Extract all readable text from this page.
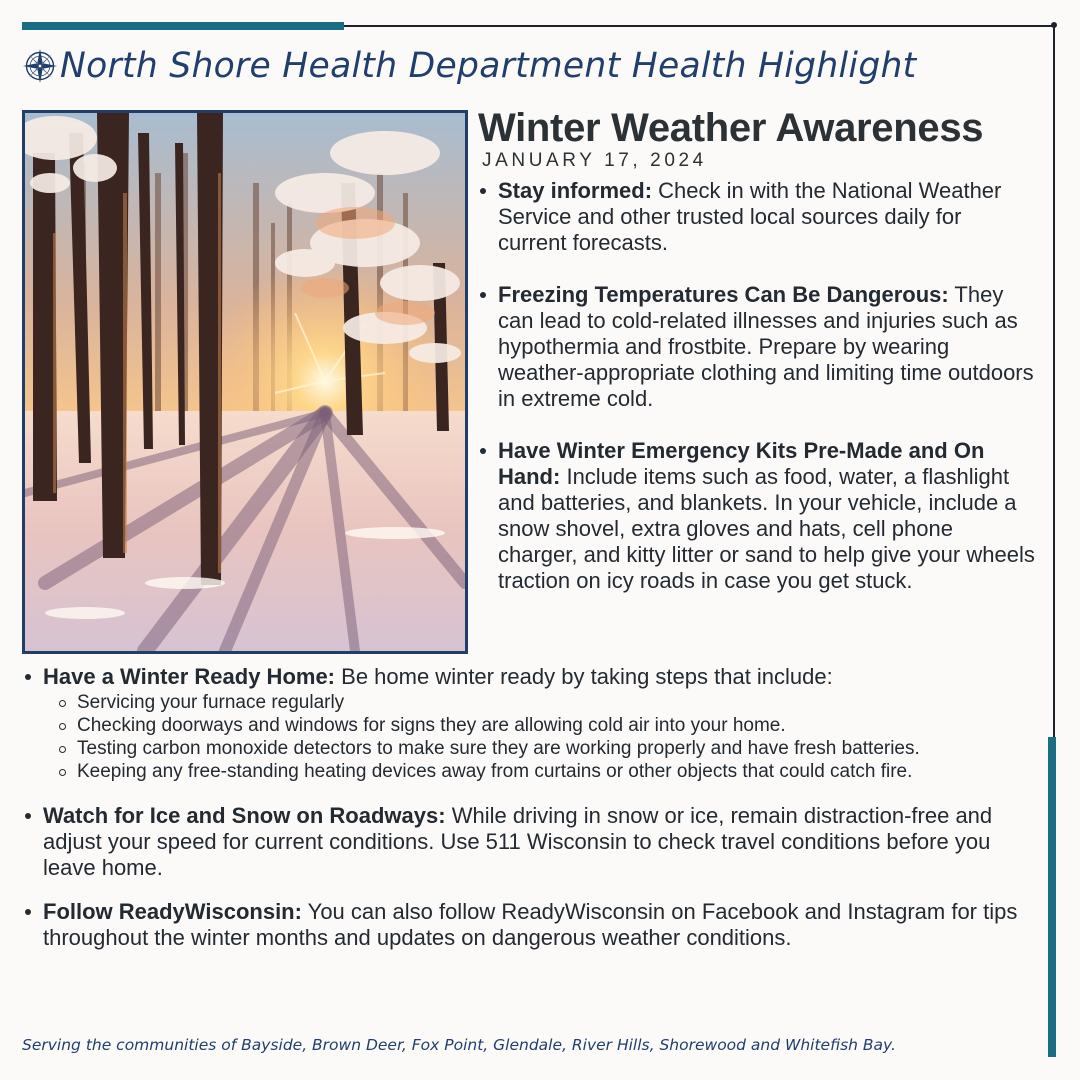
North Shore Health Department Health Highlight
Winter Weather Awareness
JANUARY 17, 2024
Stay informed: Check in with the National Weather Service and other trusted local sources daily for current forecasts.
Freezing Temperatures Can Be Dangerous: They can lead to cold-related illnesses and injuries such as hypothermia and frostbite. Prepare by wearing weather-appropriate clothing and limiting time outdoors in extreme cold.
Have Winter Emergency Kits Pre-Made and On Hand: Include items such as food, water, a flashlight and batteries, and blankets. In your vehicle, include a snow shovel, extra gloves and hats, cell phone charger, and kitty litter or sand to help give your wheels traction on icy roads in case you get stuck.
Have a Winter Ready Home: Be home winter ready by taking steps that include:
Servicing your furnace regularly
Checking doorways and windows for signs they are allowing cold air into your home.
Testing carbon monoxide detectors to make sure they are working properly and have fresh batteries.
Keeping any free-standing heating devices away from curtains or other objects that could catch fire.
Watch for Ice and Snow on Roadways: While driving in snow or ice, remain distraction-free and adjust your speed for current conditions. Use 511 Wisconsin to check travel conditions before you leave home.
Follow ReadyWisconsin: You can also follow ReadyWisconsin on Facebook and Instagram for tips throughout the winter months and updates on dangerous weather conditions.
Serving the communities of Bayside, Brown Deer, Fox Point, Glendale, River Hills, Shorewood and Whitefish Bay.
